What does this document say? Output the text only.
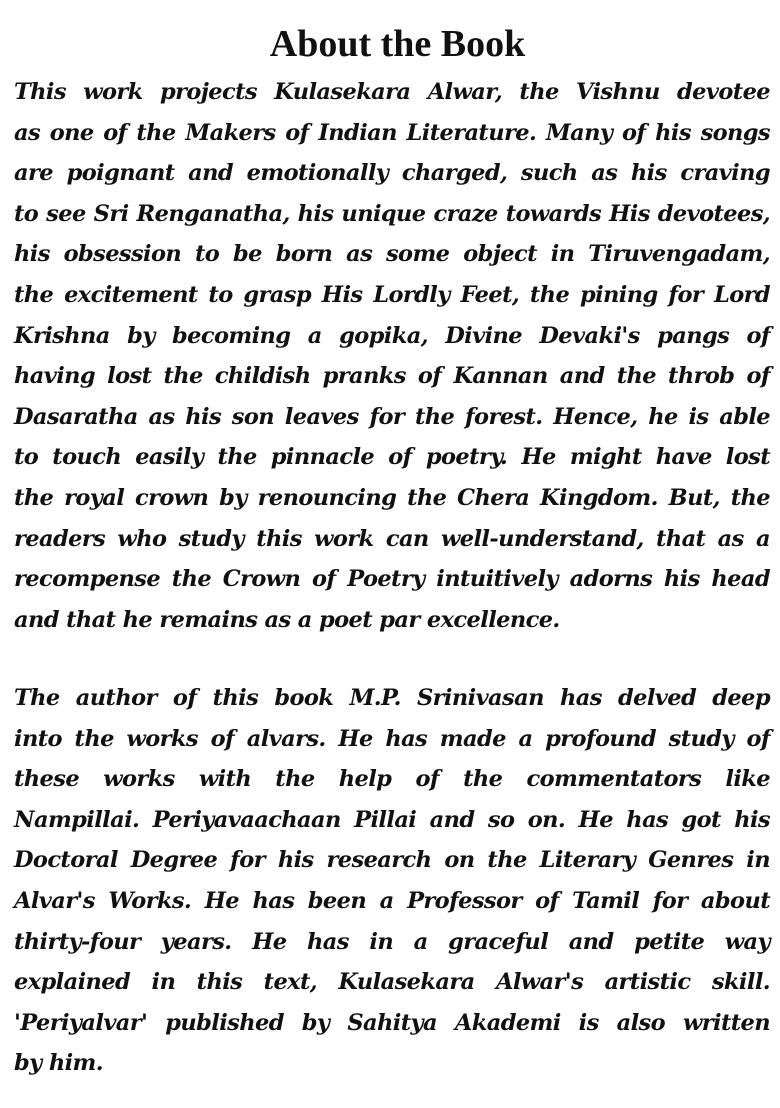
About the Book
This work projects Kulasekara Alwar, the Vishnu devotee
as one of the Makers of Indian Literature. Many of his songs
are poignant and emotionally charged, such as his craving
to see Sri Renganatha, his unique craze towards His devotees,
his obsession to be born as some object in Tiruvengadam,
the excitement to grasp His Lordly Feet, the pining for Lord
Krishna by becoming a gopika, Divine Devaki's pangs of
having lost the childish pranks of Kannan and the throb of
Dasaratha as his son leaves for the forest. Hence, he is able
to touch easily the pinnacle of poetry. He might have lost
the royal crown by renouncing the Chera Kingdom. But, the
readers who study this work can well-understand, that as a
recompense the Crown of Poetry intuitively adorns his head
and that he remains as a poet par excellence.
The author of this book M.P. Srinivasan has delved deep
into the works of alvars. He has made a profound study of
these works with the help of the commentators like
Nampillai. Periyavaachaan Pillai and so on. He has got his
Doctoral Degree for his research on the Literary Genres in
Alvar's Works. He has been a Professor of Tamil for about
thirty-four years. He has in a graceful and petite way
explained in this text, Kulasekara Alwar's artistic skill.
'Periyalvar' published by Sahitya Akademi is also written
by him.
